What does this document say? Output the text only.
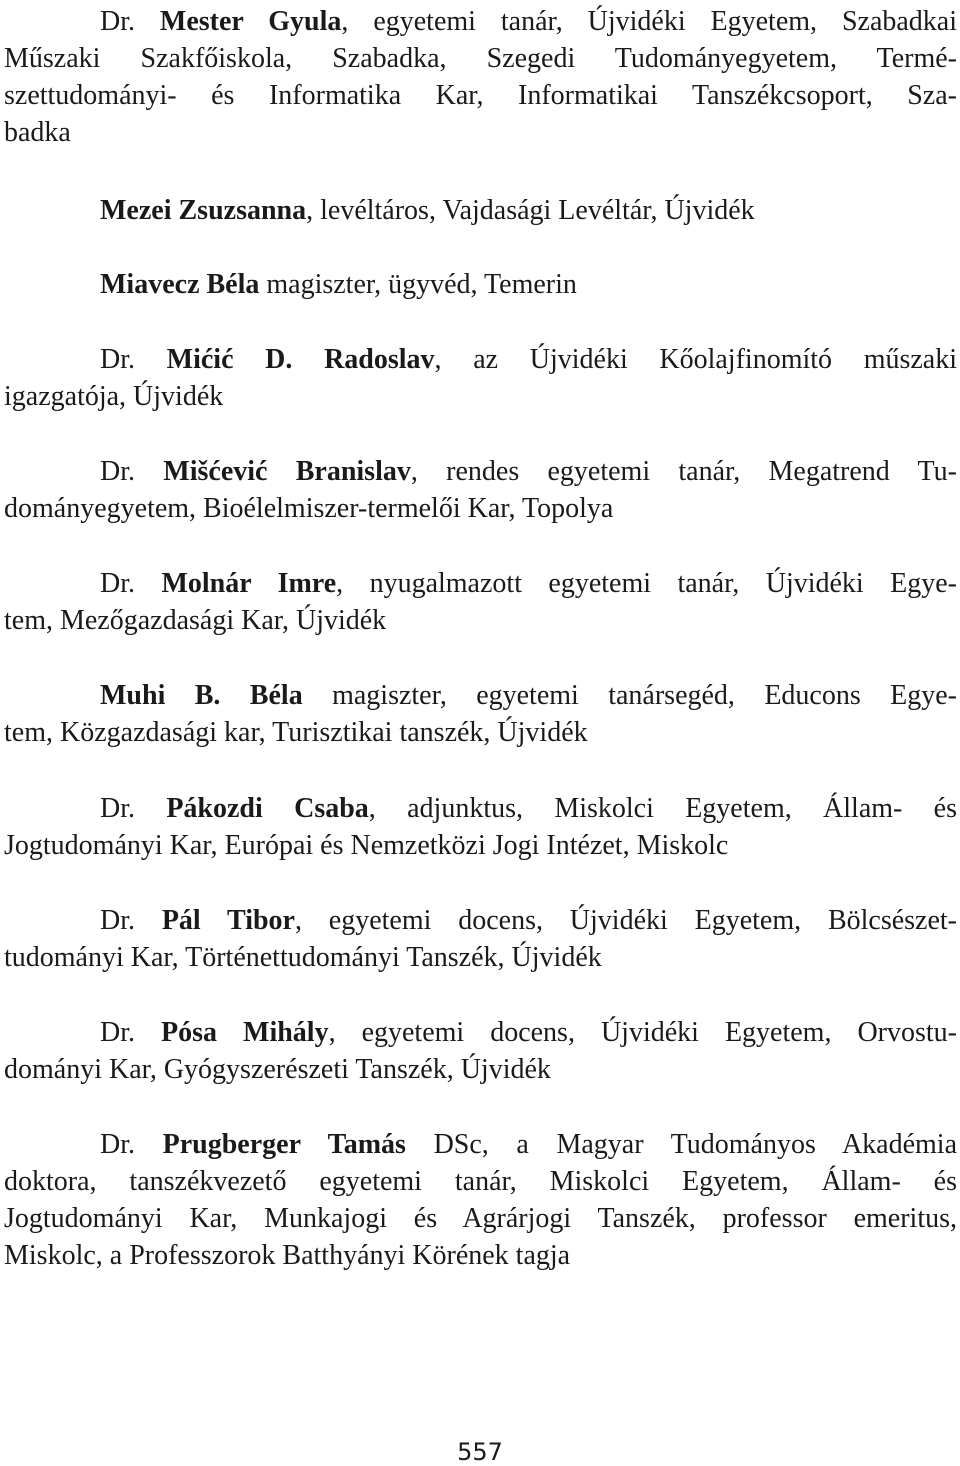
Dr. Mester Gyula, egyetemi tanár, Újvidéki Egyetem, Szabadkai
Műszaki Szakfőiskola, Szabadka, Szegedi Tudományegyetem, Termé-
szettudományi- és Informatika Kar, Informatikai Tanszékcsoport, Sza-
badka
Mezei Zsuzsanna, levéltáros, Vajdasági Levéltár, Újvidék
Miavecz Béla magiszter, ügyvéd, Temerin
Dr. Mićić D. Radoslav, az Újvidéki Kőolajfinomító műszaki
igazgatója, Újvidék
Dr. Mišćević Branislav, rendes egyetemi tanár, Megatrend Tu-
dományegyetem, Bioélelmiszer-termelői Kar, Topolya
Dr. Molnár Imre, nyugalmazott egyetemi tanár, Újvidéki Egye-
tem, Mezőgazdasági Kar, Újvidék
Muhi B. Béla magiszter, egyetemi tanársegéd, Educons Egye-
tem, Közgazdasági kar, Turisztikai tanszék, Újvidék
Dr. Pákozdi Csaba, adjunktus, Miskolci Egyetem, Állam- és
Jogtudományi Kar, Európai és Nemzetközi Jogi Intézet, Miskolc
Dr. Pál Tibor, egyetemi docens, Újvidéki Egyetem, Bölcsészet-
tudományi Kar, Történettudományi Tanszék, Újvidék
Dr. Pósa Mihály, egyetemi docens, Újvidéki Egyetem, Orvostu-
dományi Kar, Gyógyszerészeti Tanszék, Újvidék
Dr. Prugberger Tamás DSc, a Magyar Tudományos Akadémia
doktora, tanszékvezető egyetemi tanár, Miskolci Egyetem, Állam- és
Jogtudományi Kar, Munkajogi és Agrárjogi Tanszék, professor emeritus,
Miskolc, a Professzorok Batthyányi Körének tagja
557
